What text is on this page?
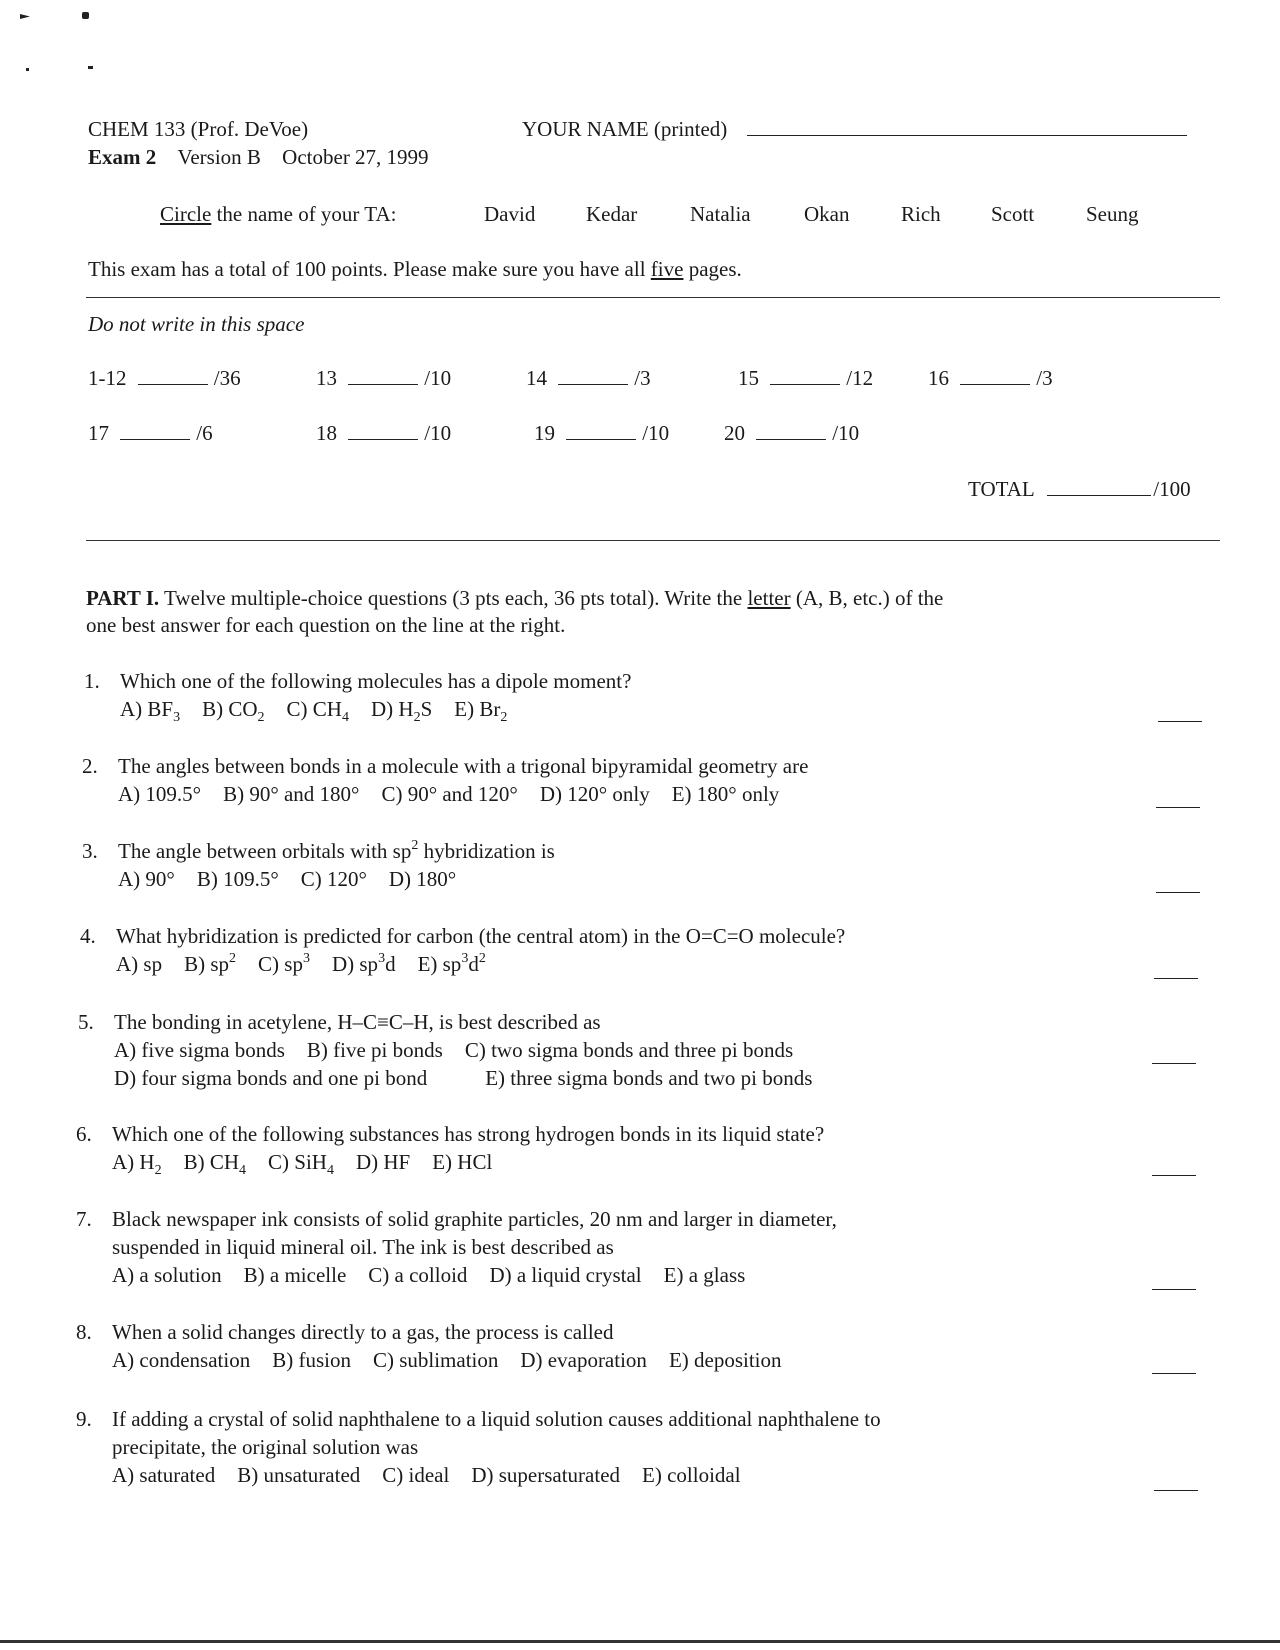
CHEM 133 (Prof. DeVoe)	YOUR NAME (printed)
Exam 2 Version B October 27, 1999
Circle the name of your TA:	David Kedar	Natalia	Okan Rich Scott Seung
This exam has a total of 100 points. Please make sure you have all five pages.
Do not write in this space
1-12	/36	13	/10	14	/3	15	/12	16	/3
17	/6	18	/10	19	/10	20	/10
TOTAL	/100
PART I. Twelve multiple-choice questions (3 pts each, 36 pts total). Write the letter (A, B, etc.) of the
one best answer for each question on the line at the right.
1. Which one of the following molecules has a dipole moment?
A) $BF_3$ B) $CO_2$ C) $CH_4$ D) $H_2S$ E) $Br_2$
2. The angles between bonds in a molecule with a trigonal bipyramidal geometry are
A) 109.5° B) 90° and 180° C) 90° and 120° D) 120° only E) 180° only
3. The angle between orbitals with $sp^2$ hybridization is
A) 90° B) 109.5° C) 120° D) 180°
4. What hybridization is predicted for carbon (the central atom) in the O=C=O molecule?
A) sp B) $sp^2$ C) $sp^3$ D) $sp^3d$ E) $sp^3d^2$
5. The bonding in acetylene, H–C≡C–H, is best described as
A) five sigma bonds B) five pi bonds C) two sigma bonds and three pi bonds
D) four sigma bonds and one pi bond	E) three sigma bonds and two pi bonds
6. Which one of the following substances has strong hydrogen bonds in its liquid state?
A) $H_2$ B) $CH_4$ C) SiH$_4$ D) HF E) HCl
7. Black newspaper ink consists of solid graphite particles, 20 nm and larger in diameter,
suspended in liquid mineral oil. The ink is best described as
A) a solution B) a micelle C) a colloid D) a liquid crystal E) a glass
8. When a solid changes directly to a gas, the process is called
A) condensation B) fusion C) sublimation D) evaporation E) deposition
9. If adding a crystal of solid naphthalene to a liquid solution causes additional naphthalene to
precipitate, the original solution was
A) saturated B) unsaturated C) ideal D) supersaturated E) colloidal
